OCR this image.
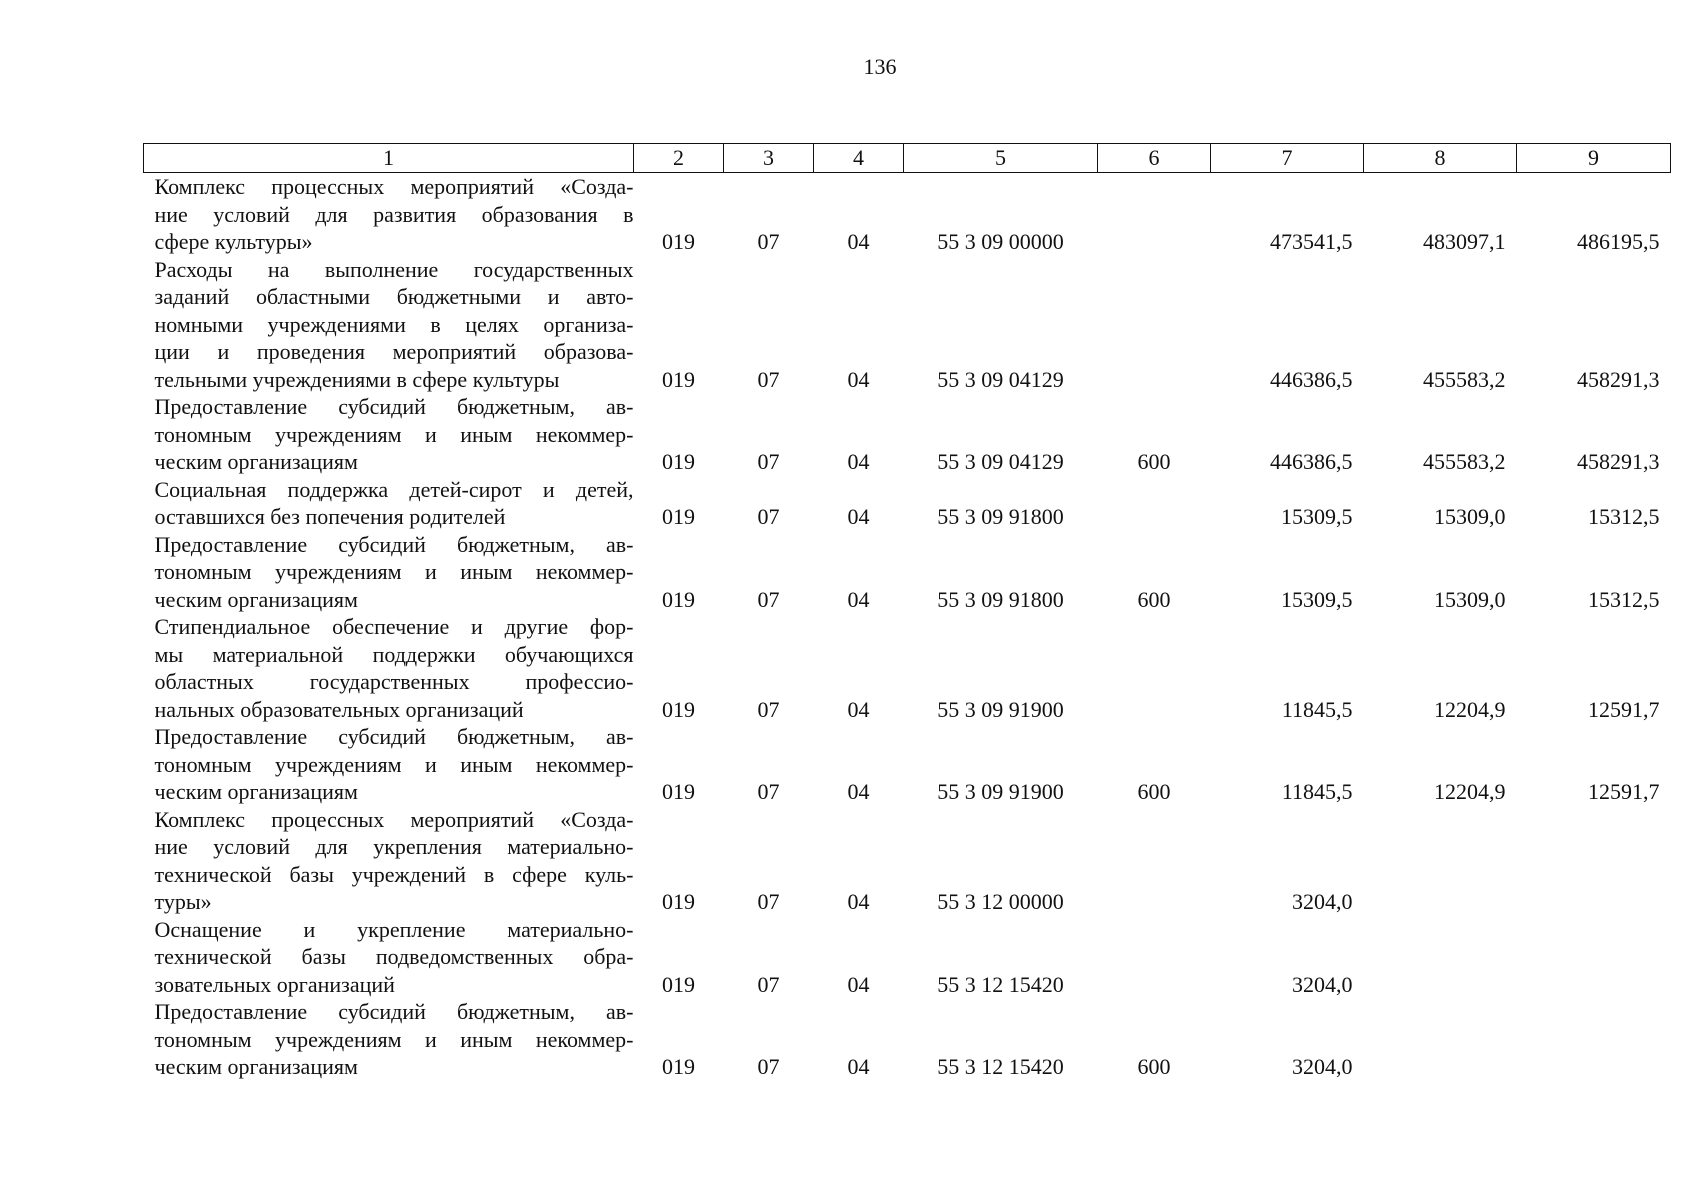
136
1	2	3	4	5	6	7	8	9

Комплекс процессных мероприятий «Созда-
ние условий для развития образования в
сфере культуры»	019	07	04	55 3 09 00000		473541,5	483097,1	486195,5

Расходы на выполнение государственных
заданий областными бюджетными и авто-
номными учреждениями в целях организа-
ции и проведения мероприятий образова-
тельными учреждениями в сфере культуры	019	07	04	55 3 09 04129		446386,5	455583,2	458291,3

Предоставление субсидий бюджетным, ав-
тономным учреждениям и иным некоммер-
ческим организациям	019	07	04	55 3 09 04129	600	446386,5	455583,2	458291,3

Социальная поддержка детей-сирот и детей,
оставшихся без попечения родителей	019	07	04	55 3 09 91800		15309,5	15309,0	15312,5

Предоставление субсидий бюджетным, ав-
тономным учреждениям и иным некоммер-
ческим организациям	019	07	04	55 3 09 91800	600	15309,5	15309,0	15312,5

Стипендиальное обеспечение и другие фор-
мы материальной поддержки обучающихся
областных государственных профессио-
нальных образовательных организаций	019	07	04	55 3 09 91900		11845,5	12204,9	12591,7

Предоставление субсидий бюджетным, ав-
тономным учреждениям и иным некоммер-
ческим организациям	019	07	04	55 3 09 91900	600	11845,5	12204,9	12591,7

Комплекс процессных мероприятий «Созда-
ние условий для укрепления материально-
технической базы учреждений в сфере куль-
туры»	019	07	04	55 3 12 00000		3204,0		

Оснащение и укрепление материально-
технической базы подведомственных обра-
зовательных организаций	019	07	04	55 3 12 15420		3204,0		

Предоставление субсидий бюджетным, ав-
тономным учреждениям и иным некоммер-
ческим организациям	019	07	04	55 3 12 15420	600	3204,0		
